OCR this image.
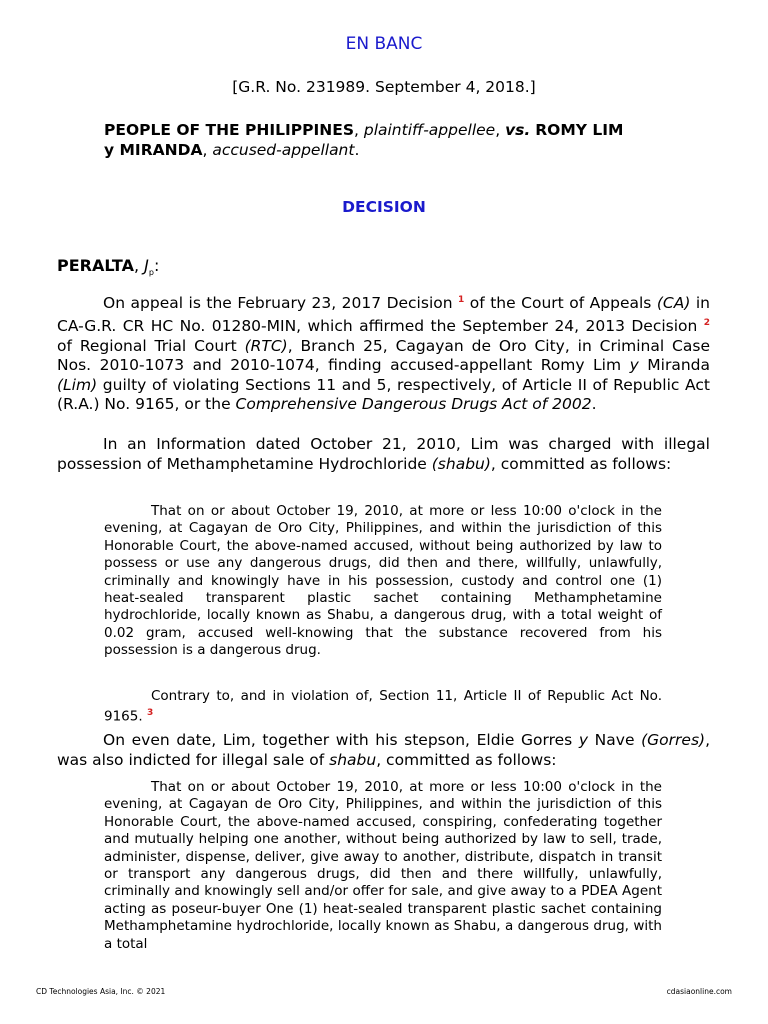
EN BANC
[G.R. No. 231989. September 4, 2018.]
PEOPLE OF THE PHILIPPINES, plaintiff-appellee, vs. ROMY LIM
y MIRANDA, accused-appellant.
DECISION
PERALTA, $J_p$:

On appeal is the February 23, 2017 Decision $^1$ of the Court of Appeals (CA) in CA-G.R. CR HC No. 01280-MIN, which affirmed the September 24, 2013 Decision $^2$ of Regional Trial Court (RTC), Branch 25, Cagayan de Oro City, in Criminal Case Nos. 2010-1073 and 2010-1074, finding accused-appellant Romy Lim y Miranda (Lim) guilty of violating Sections 11 and 5, respectively, of Article II of Republic Act (R.A.) No. 9165, or the Comprehensive Dangerous Drugs Act of 2002.

In an Information dated October 21, 2010, Lim was charged with illegal possession of Methamphetamine Hydrochloride (shabu), committed as follows:

That on or about October 19, 2010, at more or less 10:00 o'clock in the evening, at Cagayan de Oro City, Philippines, and within the jurisdiction of this Honorable Court, the above-named accused, without being authorized by law to possess or use any dangerous drugs, did then and there, willfully, unlawfully, criminally and knowingly have in his possession, custody and control one (1) heat-sealed transparent plastic sachet containing Methamphetamine hydrochloride, locally known as Shabu, a dangerous drug, with a total weight of 0.02 gram, accused well-knowing that the substance recovered from his possession is a dangerous drug.

Contrary to, and in violation of, Section 11, Article II of Republic Act No. 9165. $^3$

On even date, Lim, together with his stepson, Eldie Gorres y Nave (Gorres), was also indicted for illegal sale of shabu, committed as follows:

That on or about October 19, 2010, at more or less 10:00 o'clock in the evening, at Cagayan de Oro City, Philippines, and within the jurisdiction of this Honorable Court, the above-named accused, conspiring, confederating together and mutually helping one another, without being authorized by law to sell, trade, administer, dispense, deliver, give away to another, distribute, dispatch in transit or transport any dangerous drugs, did then and there willfully, unlawfully, criminally and knowingly sell and/or offer for sale, and give away to a PDEA Agent acting as poseur-buyer One (1) heat-sealed transparent plastic sachet containing Methamphetamine hydrochloride, locally known as Shabu, a dangerous drug, with a total

CD Technologies Asia, Inc. © 2021	cdasiaonline.com
